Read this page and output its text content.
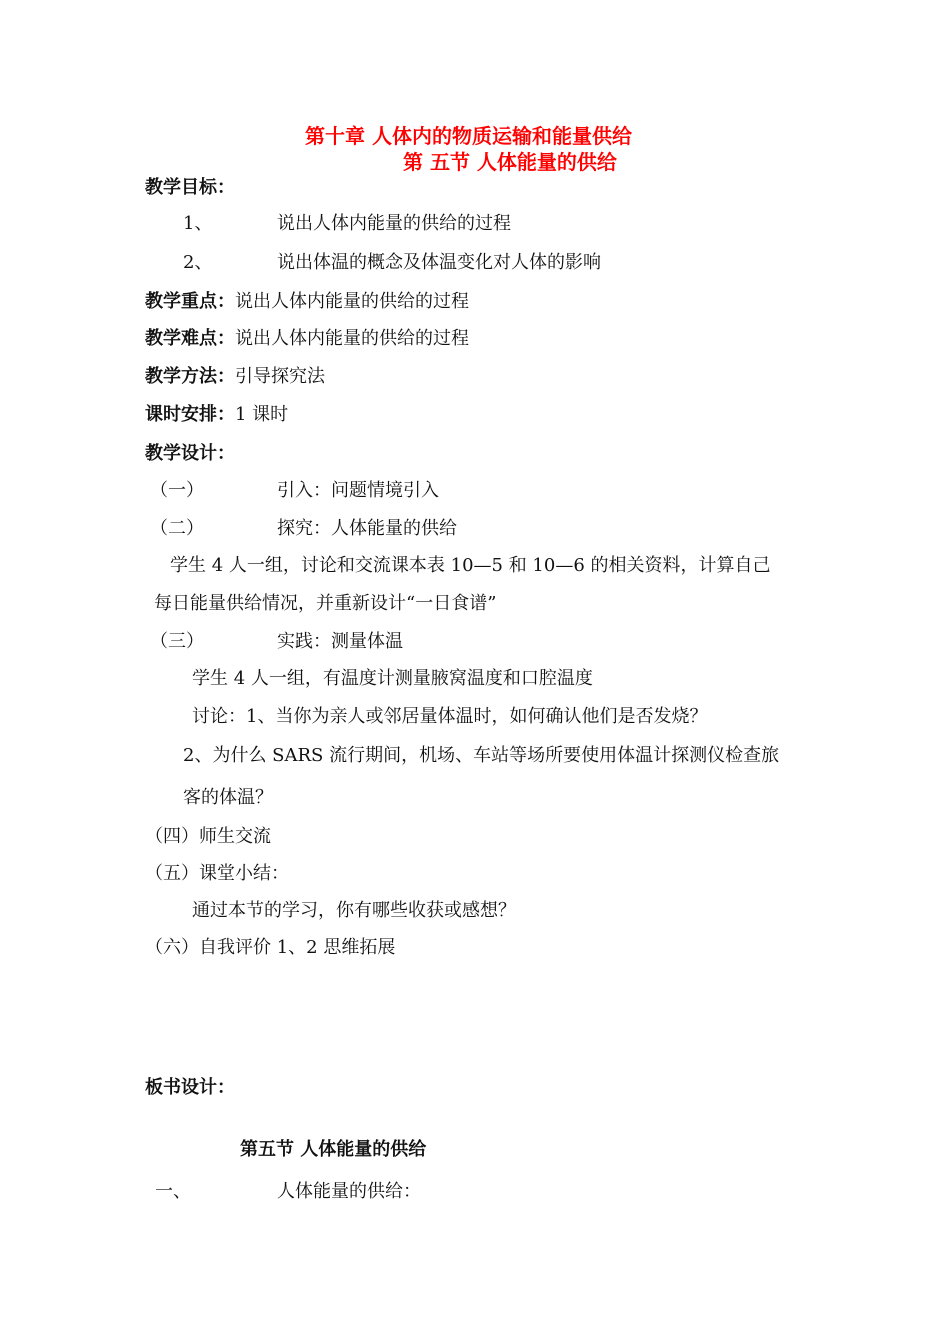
第十章 人体内的物质运输和能量供给
第 五节 人体能量的供给
教学目标：
1、	说出人体内能量的供给的过程
2、	说出体温的概念及体温变化对人体的影响
教学重点：说出人体内能量的供给的过程
教学难点：说出人体内能量的供给的过程
教学方法：引导探究法
课时安排：1 课时
教学设计：
（一）	引入：问题情境引入
（二）	探究：人体能量的供给
学生 4 人一组，讨论和交流课本表 10—5 和 10—6 的相关资料，计算自己
每日能量供给情况，并重新设计“一日食谱”
（三）	实践：测量体温
学生 4 人一组，有温度计测量腋窝温度和口腔温度
讨论：1、当你为亲人或邻居量体温时，如何确认他们是否发烧？
2、为什么 SARS 流行期间，机场、车站等场所要使用体温计探测仪检查旅
客的体温？
（四）师生交流
（五）课堂小结：
通过本节的学习，你有哪些收获或感想？
（六）自我评价 1、2 思维拓展
板书设计：
第五节 人体能量的供给
一、	人体能量的供给：
